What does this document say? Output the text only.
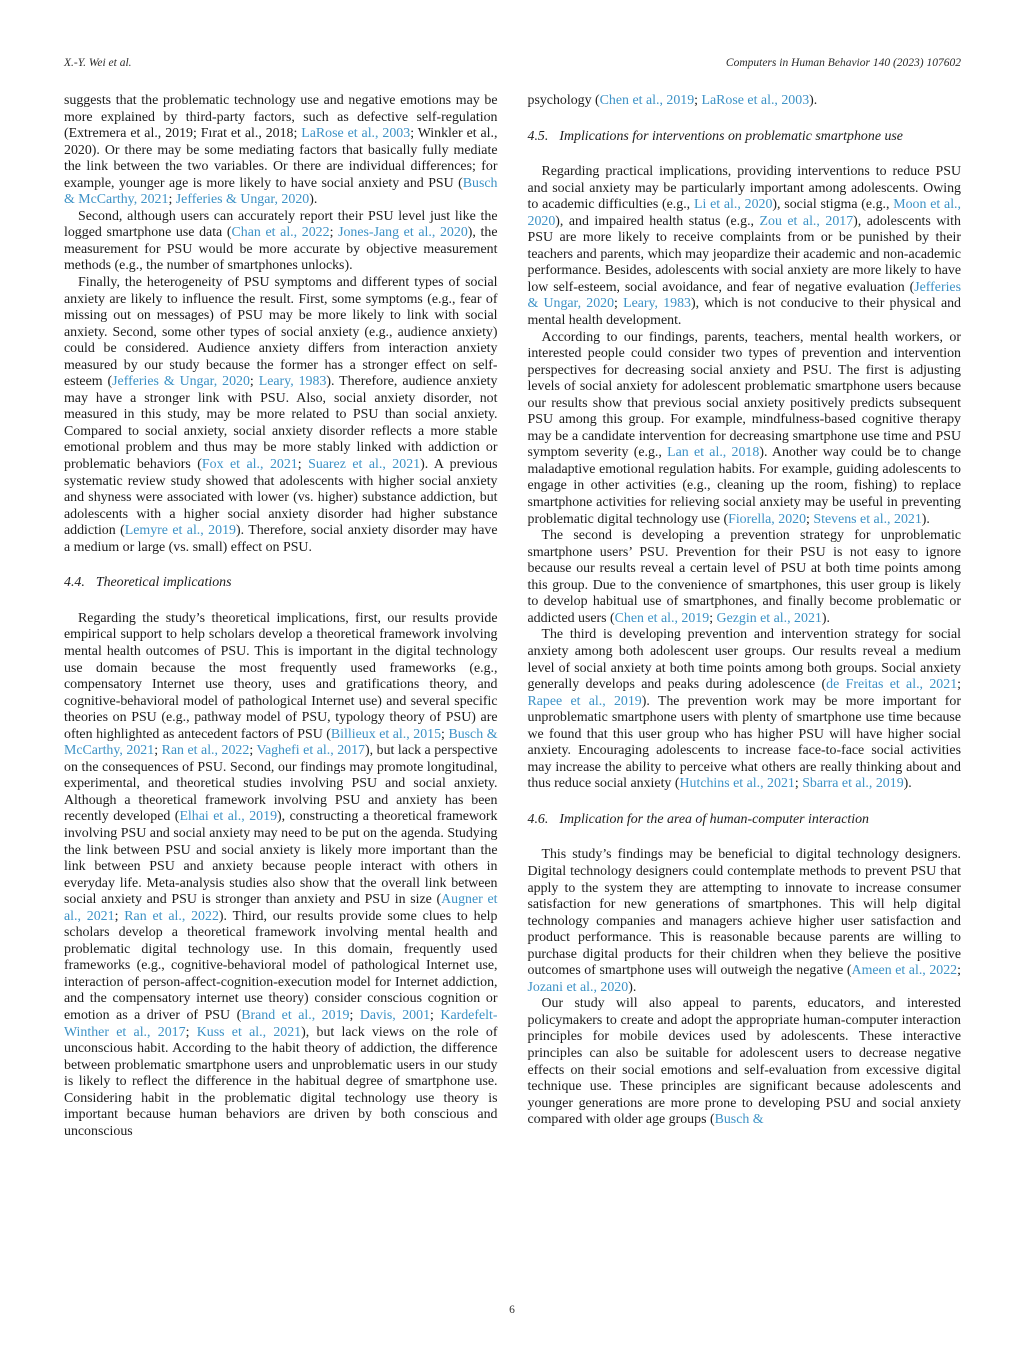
X.-Y. Wei et al.	Computers in Human Behavior 140 (2023) 107602

suggests that the problematic technology use and negative emotions may be more explained by third-party factors, such as defective self-regulation (Extremera et al., 2019; Fırat et al., 2018; LaRose et al., 2003; Winkler et al., 2020). Or there may be some mediating factors that basically fully mediate the link between the two variables. Or there are individual differences; for example, younger age is more likely to have social anxiety and PSU (Busch & McCarthy, 2021; Jefferies & Ungar, 2020).

Second, although users can accurately report their PSU level just like the logged smartphone use data (Chan et al., 2022; Jones-Jang et al., 2020), the measurement for PSU would be more accurate by objective measurement methods (e.g., the number of smartphones unlocks).

Finally, the heterogeneity of PSU symptoms and different types of social anxiety are likely to influence the result. First, some symptoms (e.g., fear of missing out on messages) of PSU may be more likely to link with social anxiety. Second, some other types of social anxiety (e.g., audience anxiety) could be considered. Audience anxiety differs from interaction anxiety measured by our study because the former has a stronger effect on self-esteem (Jefferies & Ungar, 2020; Leary, 1983). Therefore, audience anxiety may have a stronger link with PSU. Also, social anxiety disorder, not measured in this study, may be more related to PSU than social anxiety. Compared to social anxiety, social anxiety disorder reflects a more stable emotional problem and thus may be more stably linked with addiction or problematic behaviors (Fox et al., 2021; Suarez et al., 2021). A previous systematic review study showed that adolescents with higher social anxiety and shyness were associated with lower (vs. higher) substance addiction, but adolescents with a higher social anxiety disorder had higher substance addiction (Lemyre et al., 2019). Therefore, social anxiety disorder may have a medium or large (vs. small) effect on PSU.

4.4. Theoretical implications

Regarding the study’s theoretical implications, first, our results provide empirical support to help scholars develop a theoretical framework involving mental health outcomes of PSU. This is important in the digital technology use domain because the most frequently used frameworks (e.g., compensatory Internet use theory, uses and gratifications theory, and cognitive-behavioral model of pathological Internet use) and several specific theories on PSU (e.g., pathway model of PSU, typology theory of PSU) are often highlighted as antecedent factors of PSU (Billieux et al., 2015; Busch & McCarthy, 2021; Ran et al., 2022; Vaghefi et al., 2017), but lack a perspective on the consequences of PSU. Second, our findings may promote longitudinal, experimental, and theoretical studies involving PSU and social anxiety. Although a theoretical framework involving PSU and anxiety has been recently developed (Elhai et al., 2019), constructing a theoretical framework involving PSU and social anxiety may need to be put on the agenda. Studying the link between PSU and social anxiety is likely more important than the link between PSU and anxiety because people interact with others in everyday life. Meta-analysis studies also show that the overall link between social anxiety and PSU is stronger than anxiety and PSU in size (Augner et al., 2021; Ran et al., 2022). Third, our results provide some clues to help scholars develop a theoretical framework involving mental health and problematic digital technology use. In this domain, frequently used frameworks (e.g., cognitive-behavioral model of pathological Internet use, interaction of person-affect-cognition-execution model for Internet addiction, and the compensatory internet use theory) consider conscious cognition or emotion as a driver of PSU (Brand et al., 2019; Davis, 2001; Kardefelt-Winther et al., 2017; Kuss et al., 2021), but lack views on the role of unconscious habit. According to the habit theory of addiction, the difference between problematic smartphone users and unproblematic users in our study is likely to reflect the difference in the habitual degree of smartphone use. Considering habit in the problematic digital technology use theory is important because human behaviors are driven by both conscious and unconscious

psychology (Chen et al., 2019; LaRose et al., 2003).

4.5. Implications for interventions on problematic smartphone use

Regarding practical implications, providing interventions to reduce PSU and social anxiety may be particularly important among adolescents. Owing to academic difficulties (e.g., Li et al., 2020), social stigma (e.g., Moon et al., 2020), and impaired health status (e.g., Zou et al., 2017), adolescents with PSU are more likely to receive complaints from or be punished by their teachers and parents, which may jeopardize their academic and non-academic performance. Besides, adolescents with social anxiety are more likely to have low self-esteem, social avoidance, and fear of negative evaluation (Jefferies & Ungar, 2020; Leary, 1983), which is not conducive to their physical and mental health development.

According to our findings, parents, teachers, mental health workers, or interested people could consider two types of prevention and intervention perspectives for decreasing social anxiety and PSU. The first is adjusting levels of social anxiety for adolescent problematic smartphone users because our results show that previous social anxiety positively predicts subsequent PSU among this group. For example, mindfulness-based cognitive therapy may be a candidate intervention for decreasing smartphone use time and PSU symptom severity (e.g., Lan et al., 2018). Another way could be to change maladaptive emotional regulation habits. For example, guiding adolescents to engage in other activities (e.g., cleaning up the room, fishing) to replace smartphone activities for relieving social anxiety may be useful in preventing problematic digital technology use (Fiorella, 2020; Stevens et al., 2021).

The second is developing a prevention strategy for unproblematic smartphone users’ PSU. Prevention for their PSU is not easy to ignore because our results reveal a certain level of PSU at both time points among this group. Due to the convenience of smartphones, this user group is likely to develop habitual use of smartphones, and finally become problematic or addicted users (Chen et al., 2019; Gezgin et al., 2021).

The third is developing prevention and intervention strategy for social anxiety among both adolescent user groups. Our results reveal a medium level of social anxiety at both time points among both groups. Social anxiety generally develops and peaks during adolescence (de Freitas et al., 2021; Rapee et al., 2019). The prevention work may be more important for unproblematic smartphone users with plenty of smartphone use time because we found that this user group who has higher PSU will have higher social anxiety. Encouraging adolescents to increase face-to-face social activities may increase the ability to perceive what others are really thinking about and thus reduce social anxiety (Hutchins et al., 2021; Sbarra et al., 2019).

4.6. Implication for the area of human-computer interaction

This study’s findings may be beneficial to digital technology designers. Digital technology designers could contemplate methods to prevent PSU that apply to the system they are attempting to innovate to increase consumer satisfaction for new generations of smartphones. This will help digital technology companies and managers achieve higher user satisfaction and product performance. This is reasonable because parents are willing to purchase digital products for their children when they believe the positive outcomes of smartphone uses will outweigh the negative (Ameen et al., 2022; Jozani et al., 2020).

Our study will also appeal to parents, educators, and interested policymakers to create and adopt the appropriate human-computer interaction principles for mobile devices used by adolescents. These interactive principles can also be suitable for adolescent users to decrease negative effects on their social emotions and self-evaluation from excessive digital technique use. These principles are significant because adolescents and younger generations are more prone to developing PSU and social anxiety compared with older age groups (Busch &

6
